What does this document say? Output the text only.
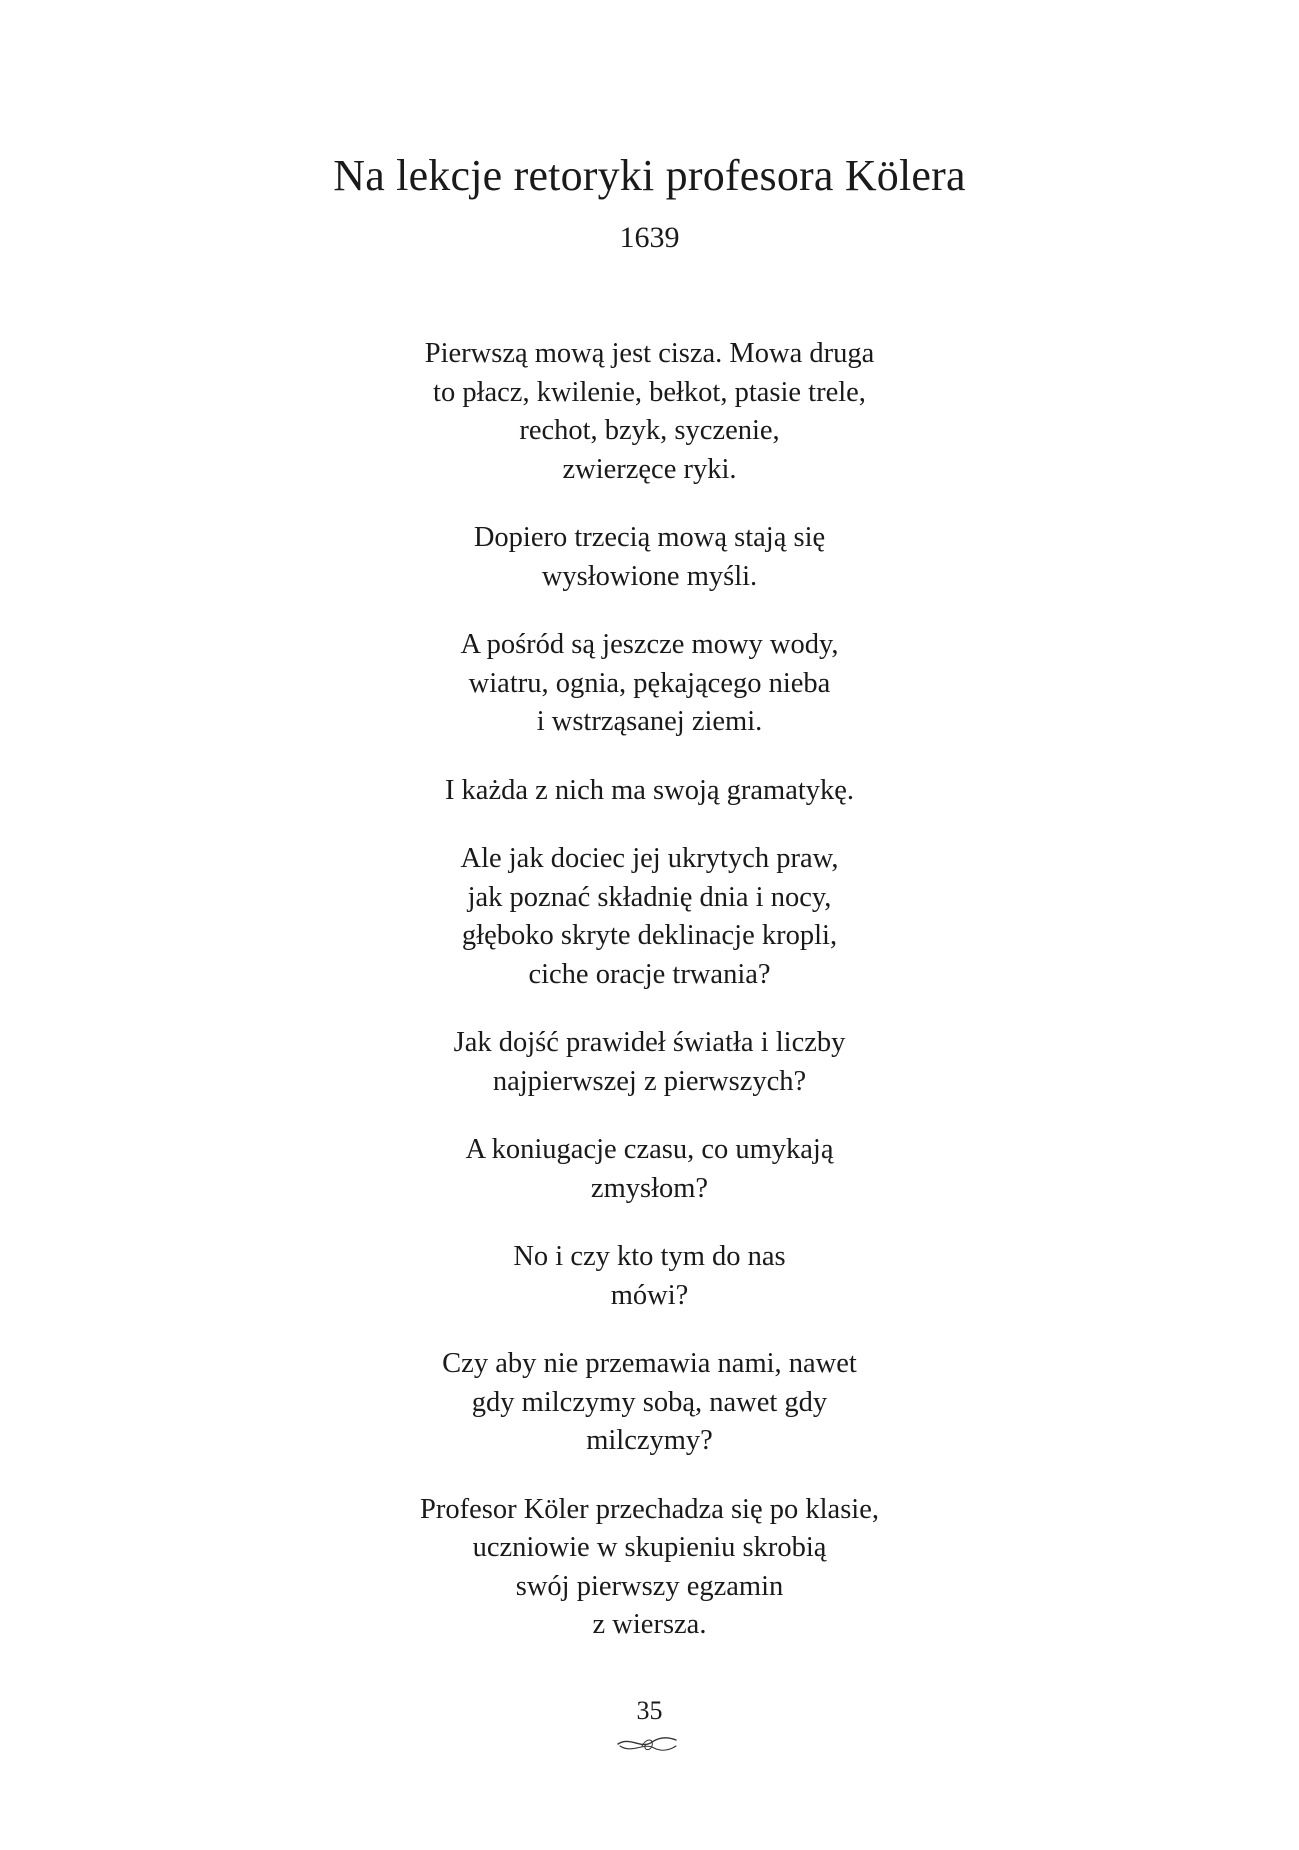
Na lekcje retoryki profesora Kölera
1639
Pierwszą mową jest cisza. Mowa druga
to płacz, kwilenie, bełkot, ptasie trele,
rechot, bzyk, syczenie,
zwierzęce ryki.
Dopiero trzecią mową stają się
wysłowione myśli.
A pośród są jeszcze mowy wody,
wiatru, ognia, pękającego nieba
i wstrząsanej ziemi.
I każda z nich ma swoją gramatykę.
Ale jak dociec jej ukrytych praw,
jak poznać składnię dnia i nocy,
głęboko skryte deklinacje kropli,
ciche oracje trwania?
Jak dojść prawideł światła i liczby
najpierwszej z pierwszych?
A koniugacje czasu, co umykają
zmysłom?
No i czy kto tym do nas
mówi?
Czy aby nie przemawia nami, nawet
gdy milczymy sobą, nawet gdy
milczymy?
Profesor Köler przechadza się po klasie,
uczniowie w skupieniu skrobią
swój pierwszy egzamin
z wiersza.
35
